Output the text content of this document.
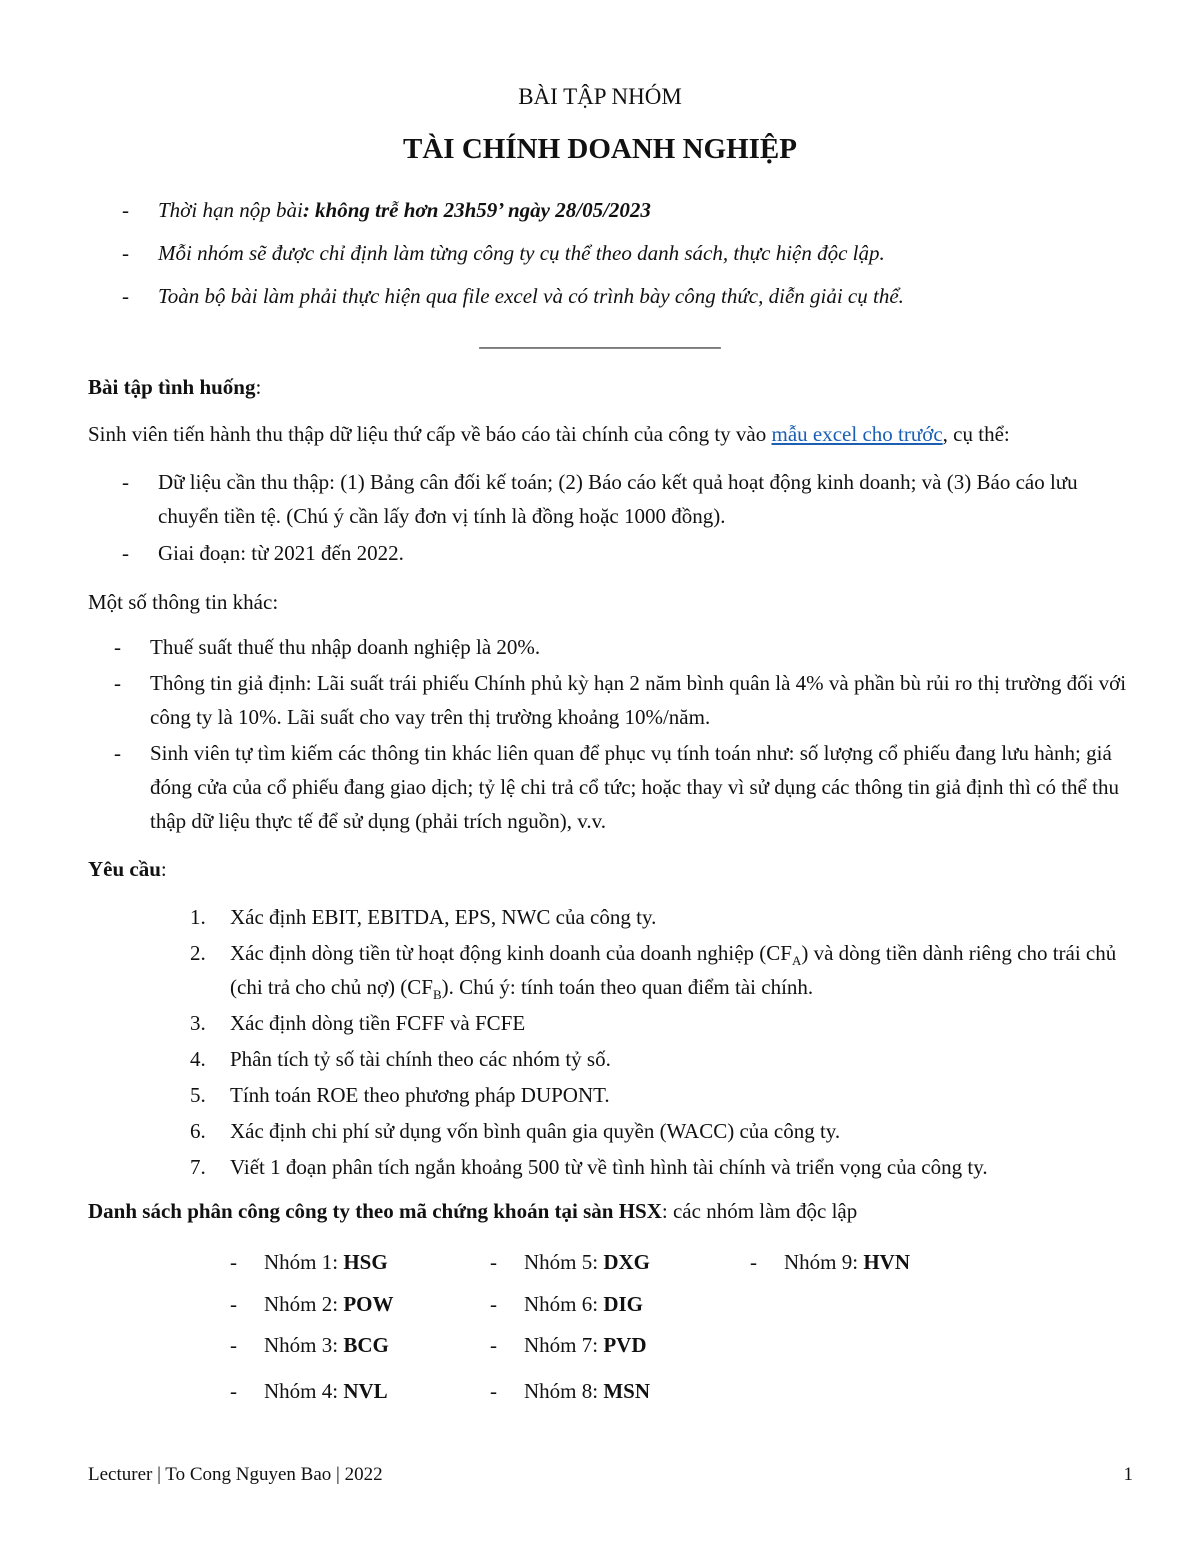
BÀI TẬP NHÓM
TÀI CHÍNH DOANH NGHIỆP
- Thời hạn nộp bài: không trễ hơn 23h59’ ngày 28/05/2023
- Mỗi nhóm sẽ được chỉ định làm từng công ty cụ thể theo danh sách, thực hiện độc lập.
- Toàn bộ bài làm phải thực hiện qua file excel và có trình bày công thức, diễn giải cụ thể.
_______________________
Bài tập tình huống:
Sinh viên tiến hành thu thập dữ liệu thứ cấp về báo cáo tài chính của công ty vào mẫu excel cho trước, cụ thể:
- Dữ liệu cần thu thập: (1) Bảng cân đối kế toán; (2) Báo cáo kết quả hoạt động kinh doanh; và (3) Báo cáo lưu chuyển tiền tệ. (Chú ý cần lấy đơn vị tính là đồng hoặc 1000 đồng).
- Giai đoạn: từ 2021 đến 2022.
Một số thông tin khác:
- Thuế suất thuế thu nhập doanh nghiệp là 20%.
- Thông tin giả định: Lãi suất trái phiếu Chính phủ kỳ hạn 2 năm bình quân là 4% và phần bù rủi ro thị trường đối với công ty là 10%. Lãi suất cho vay trên thị trường khoảng 10%/năm.
- Sinh viên tự tìm kiếm các thông tin khác liên quan để phục vụ tính toán như: số lượng cổ phiếu đang lưu hành; giá đóng cửa của cổ phiếu đang giao dịch; tỷ lệ chi trả cổ tức; hoặc thay vì sử dụng các thông tin giả định thì có thể thu thập dữ liệu thực tế để sử dụng (phải trích nguồn), v.v.
Yêu cầu:
1. Xác định EBIT, EBITDA, EPS, NWC của công ty.
2. Xác định dòng tiền từ hoạt động kinh doanh của doanh nghiệp $(CF_A)$ và dòng tiền dành riêng cho trái chủ (chi trả cho chủ nợ) $(CF_B)$. Chú ý: tính toán theo quan điểm tài chính.
3. Xác định dòng tiền FCFF và FCFE
4. Phân tích tỷ số tài chính theo các nhóm tỷ số.
5. Tính toán ROE theo phương pháp DUPONT.
6. Xác định chi phí sử dụng vốn bình quân gia quyền (WACC) của công ty.
7. Viết 1 đoạn phân tích ngắn khoảng 500 từ về tình hình tài chính và triển vọng của công ty.
Danh sách phân công công ty theo mã chứng khoán tại sàn HSX: các nhóm làm độc lập
- Nhóm 1: HSG
- Nhóm 2: POW
- Nhóm 3: BCG
- Nhóm 4: NVL
- Nhóm 5: DXG
- Nhóm 6: DIG
- Nhóm 7: PVD
- Nhóm 8: MSN
- Nhóm 9: HVN
Lecturer | To Cong Nguyen Bao | 2022	1
